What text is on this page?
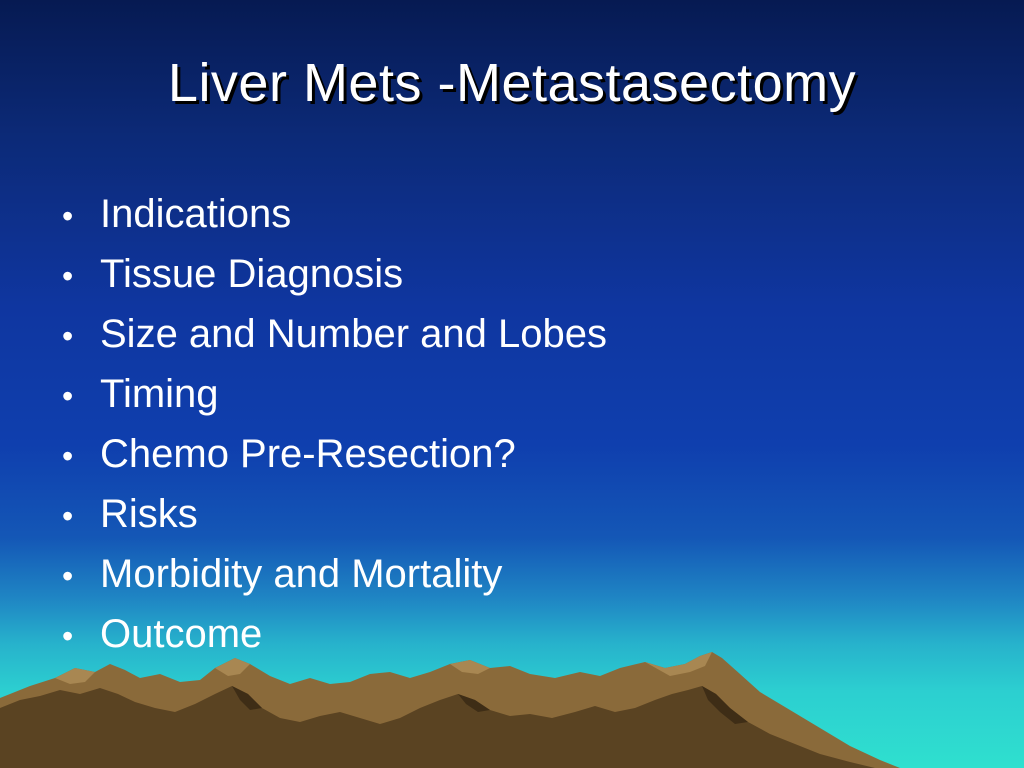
Liver Mets -Metastasectomy
• Indications
• Tissue Diagnosis
• Size and Number and Lobes
• Timing
• Chemo Pre-Resection?
• Risks
• Morbidity and Mortality
• Outcome
